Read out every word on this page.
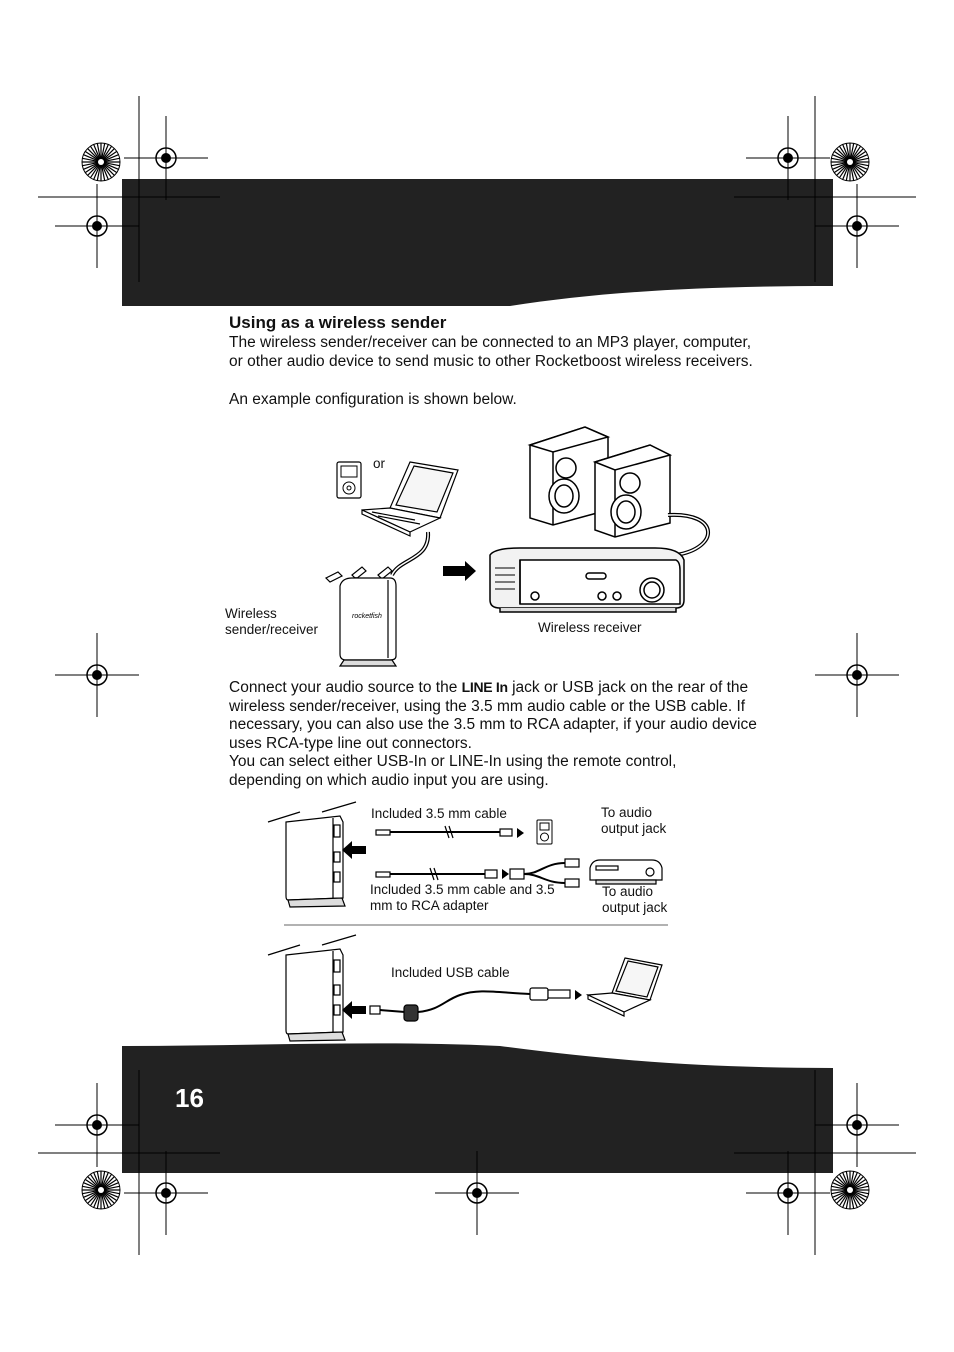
rocketfish
Using as a wireless sender
The wireless sender/receiver can be connected to an MP3 player, computer, or other audio device to send music to other Rocketboost wireless receivers.
An example configuration is shown below.
or
Wireless sender/receiver	Wireless receiver
Connect your audio source to the LINE In jack or USB jack on the rear of the wireless sender/receiver, using the 3.5 mm audio cable or the USB cable. If necessary, you can also use the 3.5 mm to RCA adapter, if your audio device uses RCA-type line out connectors.
You can select either USB-In or LINE-In using the remote control, depending on which audio input you are using.
Included 3.5 mm cable	To audio output jack
Included 3.5 mm cable and 3.5 mm to RCA adapter
To audio output jack
Included USB cable
16
